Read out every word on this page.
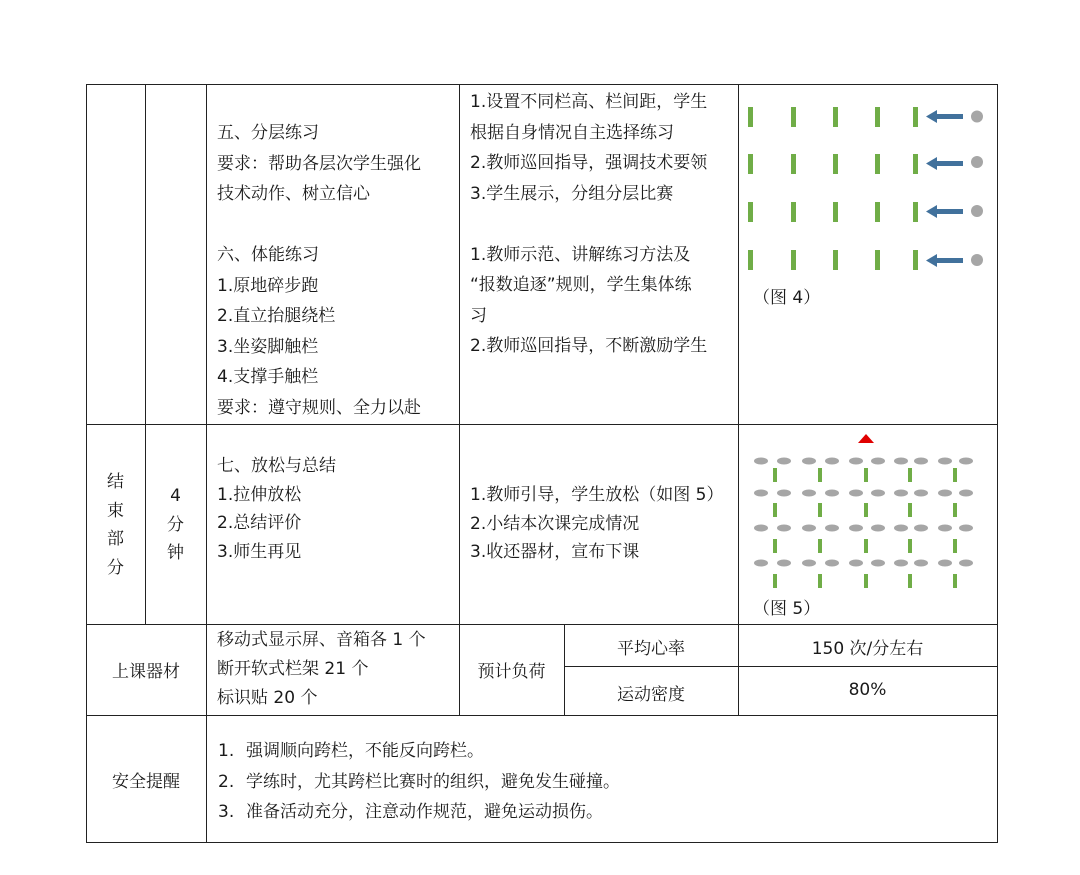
五、分层练习
要求：帮助各层次学生强化
技术动作、树立信心

六、体能练习
1.原地碎步跑
2.直立抬腿绕栏
3.坐姿脚触栏
4.支撑手触栏
要求：遵守规则、全力以赴
1.设置不同栏高、栏间距，学生
根据自身情况自主选择练习
2.教师巡回指导，强调技术要领
3.学生展示，分组分层比赛

1.教师示范、讲解练习方法及
“报数追逐”规则，学生集体练
习
2.教师巡回指导，不断激励学生
（图 4）
结
束
部
分
4
分
钟
七、放松与总结
1.拉伸放松
2.总结评价
3.师生再见
1.教师引导，学生放松（如图 5）
2.小结本次课完成情况
3.收还器材，宣布下课
（图 5）
上课器材
移动式显示屏、音箱各 1 个
断开软式栏架 21 个
标识贴 20 个
预计负荷
平均心率	150 次/分左右
运动密度	80%
安全提醒
1. 强调顺向跨栏，不能反向跨栏。
2. 学练时，尤其跨栏比赛时的组织，避免发生碰撞。
3. 准备活动充分，注意动作规范，避免运动损伤。
